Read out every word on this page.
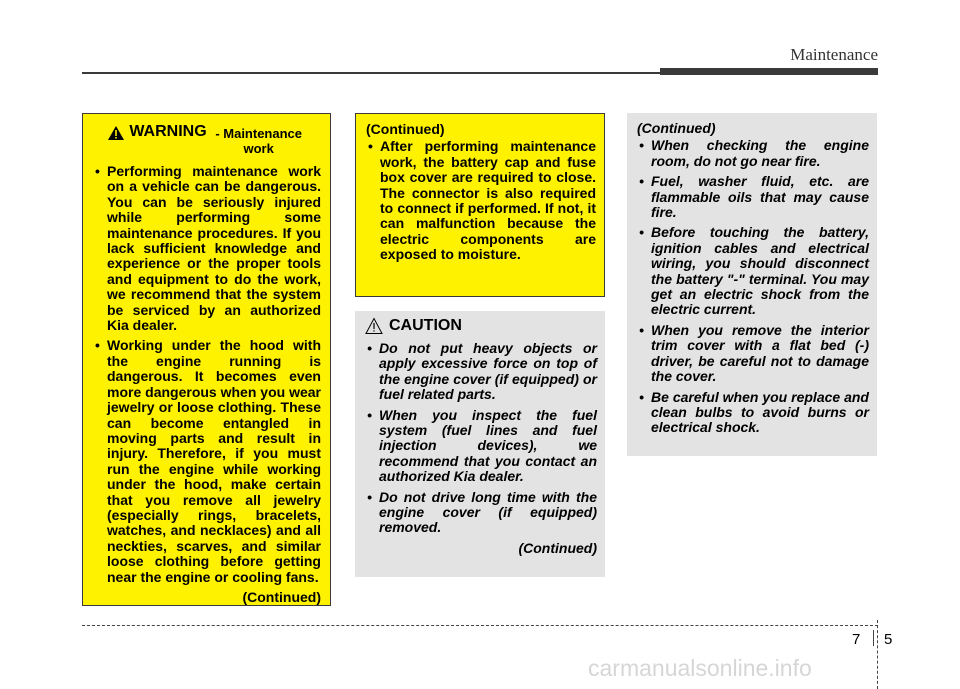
Maintenance
WARNING - Maintenance work
• Performing maintenance work on a vehicle can be dangerous. You can be seriously injured while performing some maintenance procedures. If you lack sufficient knowledge and experience or the proper tools and equipment to do the work, we recommend that the system be serviced by an authorized Kia dealer.
• Working under the hood with the engine running is dangerous. It becomes even more dangerous when you wear jewelry or loose clothing. These can become entangled in moving parts and result in injury. Therefore, if you must run the engine while working under the hood, make certain that you remove all jewelry (especially rings, bracelets, watches, and necklaces) and all neckties, scarves, and similar loose clothing before getting near the engine or cooling fans.
(Continued)
(Continued)
• After performing maintenance work, the battery cap and fuse box cover are required to close. The connector is also required to connect if performed. If not, it can malfunction because the electric components are exposed to moisture.
CAUTION
• Do not put heavy objects or apply excessive force on top of the engine cover (if equipped) or fuel related parts.
• When you inspect the fuel system (fuel lines and fuel injection devices), we recommend that you contact an authorized Kia dealer.
• Do not drive long time with the engine cover (if equipped) removed.
(Continued)
(Continued)
• When checking the engine room, do not go near fire.
• Fuel, washer fluid, etc. are flammable oils that may cause fire.
• Before touching the battery, ignition cables and electrical wiring, you should disconnect the battery "-" terminal. You may get an electric shock from the electric current.
• When you remove the interior trim cover with a flat bed (-) driver, be careful not to damage the cover.
• Be careful when you replace and clean bulbs to avoid burns or electrical shock.
7 5
carmanualsonline.info
